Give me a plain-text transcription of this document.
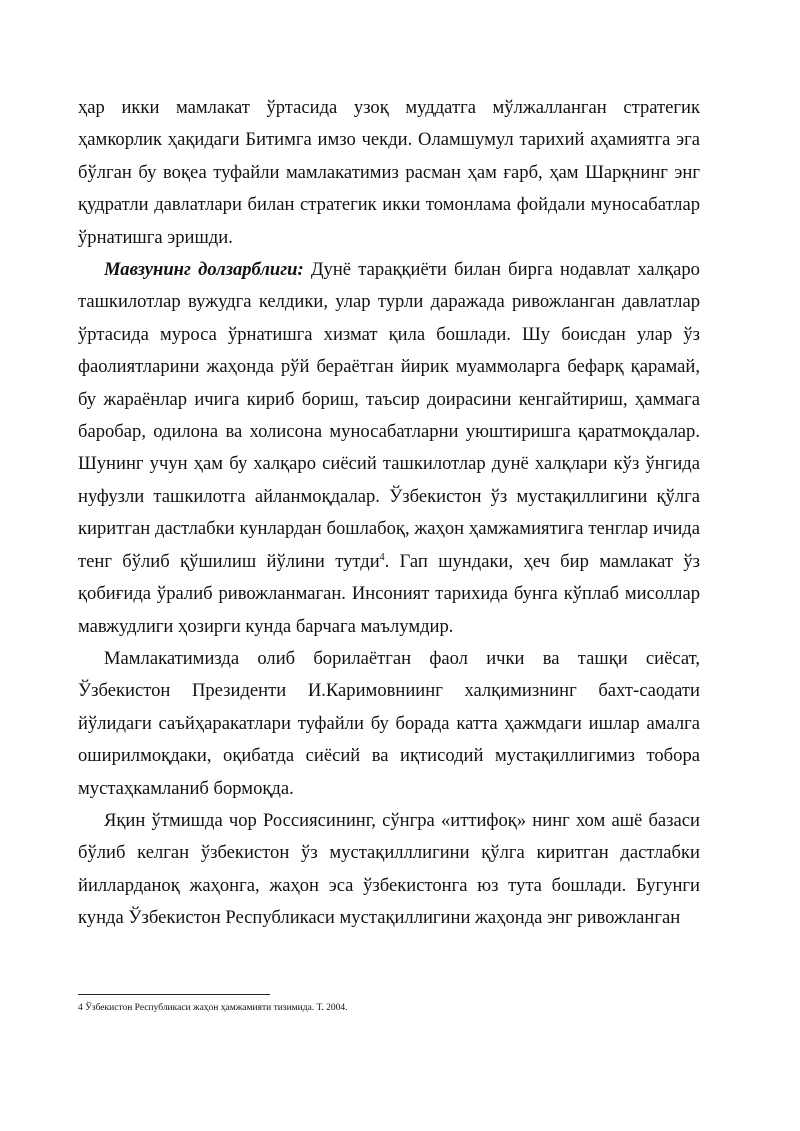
ҳар икки мамлакат ўртасида узоқ муддатга мўлжалланган стратегик ҳамкорлик ҳақидаги Битимга имзо чекди. Оламшумул тарихий аҳамиятга эга бўлган бу воқеа туфайли мамлакатимиз расман ҳам ғарб, ҳам Шарқнинг энг қудратли давлатлари билан стратегик икки томонлама фойдали муносабатлар ўрнатишга эришди.

Мавзунинг долзарблиги: Дунё тараққиёти билан бирга нодавлат халқаро ташкилотлар вужудга келдики, улар турли даражада ривожланган давлатлар ўртасида муроса ўрнатишга хизмат қила бошлади. Шу боисдан улар ўз фаолиятларини жаҳонда рўй бераётган йирик муаммоларга бефарқ қарамай, бу жараёнлар ичига кириб бориш, таъсир доирасини кенгайтириш, ҳаммага баробар, одилона ва холисона муносабатларни уюштиришга қаратмоқдалар. Шунинг учун ҳам бу халқаро сиёсий ташкилотлар дунё халқлари кўз ўнгида нуфузли ташкилотга айланмоқдалар. Ўзбекистон ўз мустақиллигини қўлга киритган дастлабки кунлардан бошлабоқ, жаҳон ҳамжамиятига тенглар ичида тенг бўлиб қўшилиш йўлини тутди$^4$. Гап шундаки, ҳеч бир мамлакат ўз қобиғида ўралиб ривожланмаган. Инсоният тарихида бунга кўплаб мисоллар мавжудлиги ҳозирги кунда барчага маълумдир.

Мамлакатимизда олиб борилаётган фаол ички ва ташқи сиёсат, Ўзбекистон Президенти И.Каримовниинг халқимизнинг бахт-саодати йўлидаги саъйҳаракатлари туфайли бу борада катта ҳажмдаги ишлар амалга оширилмоқдаки, оқибатда сиёсий ва иқтисодий мустақиллигимиз тобора мустаҳкамланиб бормоқда.

Яқин ўтмишда чор Россиясининг, сўнгра «иттифоқ» нинг хом ашё базаси бўлиб келган ўзбекистон ўз мустақилллигини қўлга киритган дастлабки йилларданоқ жаҳонга, жаҳон эса ўзбекистонга юз тута бошлади. Бугунги кунда Ўзбекистон Республикаси мустақиллигини жаҳонда энг ривожланган

4 Ўзбекистон Республикаси жаҳон ҳамжамияти тизимида. Т. 2004.
